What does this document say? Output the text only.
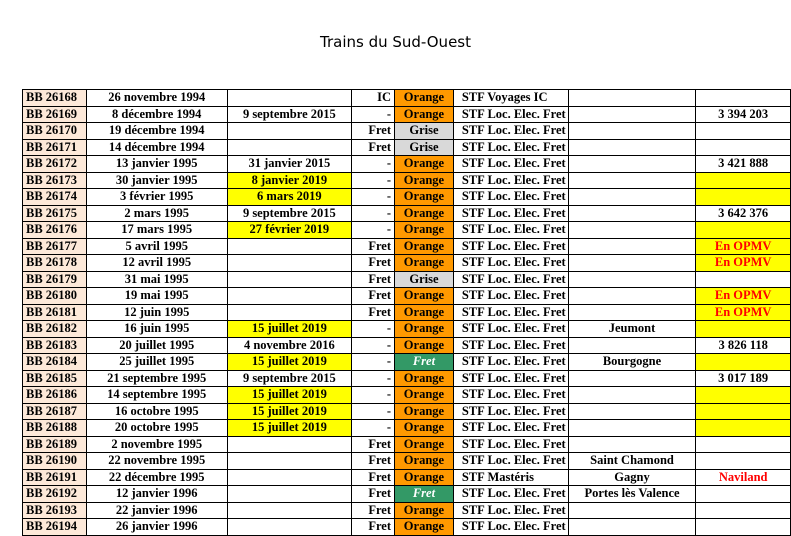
Trains du Sud-Ouest
BB 26168	26 novembre 1994		IC	Orange	STF Voyages IC		
BB 26169	8 décembre 1994	9 septembre 2015	-	Orange	STF Loc. Elec. Fret		3 394 203
BB 26170	19 décembre 1994		Fret	Grise	STF Loc. Elec. Fret		
BB 26171	14 décembre 1994		Fret	Grise	STF Loc. Elec. Fret		
BB 26172	13 janvier 1995	31 janvier 2015	-	Orange	STF Loc. Elec. Fret		3 421 888
BB 26173	30 janvier 1995	8 janvier 2019	-	Orange	STF Loc. Elec. Fret		
BB 26174	3 février 1995	6 mars 2019	-	Orange	STF Loc. Elec. Fret		
BB 26175	2 mars 1995	9 septembre 2015	-	Orange	STF Loc. Elec. Fret		3 642 376
BB 26176	17 mars 1995	27 février 2019	-	Orange	STF Loc. Elec. Fret		
BB 26177	5 avril 1995		Fret	Orange	STF Loc. Elec. Fret		En OPMV
BB 26178	12 avril 1995		Fret	Orange	STF Loc. Elec. Fret		En OPMV
BB 26179	31 mai 1995		Fret	Grise	STF Loc. Elec. Fret		
BB 26180	19 mai 1995		Fret	Orange	STF Loc. Elec. Fret		En OPMV
BB 26181	12 juin 1995		Fret	Orange	STF Loc. Elec. Fret		En OPMV
BB 26182	16 juin 1995	15 juillet 2019	-	Orange	STF Loc. Elec. Fret	Jeumont	
BB 26183	20 juillet 1995	4 novembre 2016	-	Orange	STF Loc. Elec. Fret		3 826 118
BB 26184	25 juillet 1995	15 juillet 2019	-	Fret	STF Loc. Elec. Fret	Bourgogne	
BB 26185	21 septembre 1995	9 septembre 2015	-	Orange	STF Loc. Elec. Fret		3 017 189
BB 26186	14 septembre 1995	15 juillet 2019	-	Orange	STF Loc. Elec. Fret		
BB 26187	16 octobre 1995	15 juillet 2019	-	Orange	STF Loc. Elec. Fret		
BB 26188	20 octobre 1995	15 juillet 2019	-	Orange	STF Loc. Elec. Fret		
BB 26189	2 novembre 1995		Fret	Orange	STF Loc. Elec. Fret		
BB 26190	22 novembre 1995		Fret	Orange	STF Loc. Elec. Fret	Saint Chamond	
BB 26191	22 décembre 1995		Fret	Orange	STF Mastéris	Gagny	Naviland
BB 26192	12 janvier 1996		Fret	Fret	STF Loc. Elec. Fret	Portes lès Valence	
BB 26193	22 janvier 1996		Fret	Orange	STF Loc. Elec. Fret		
BB 26194	26 janvier 1996		Fret	Orange	STF Loc. Elec. Fret		
